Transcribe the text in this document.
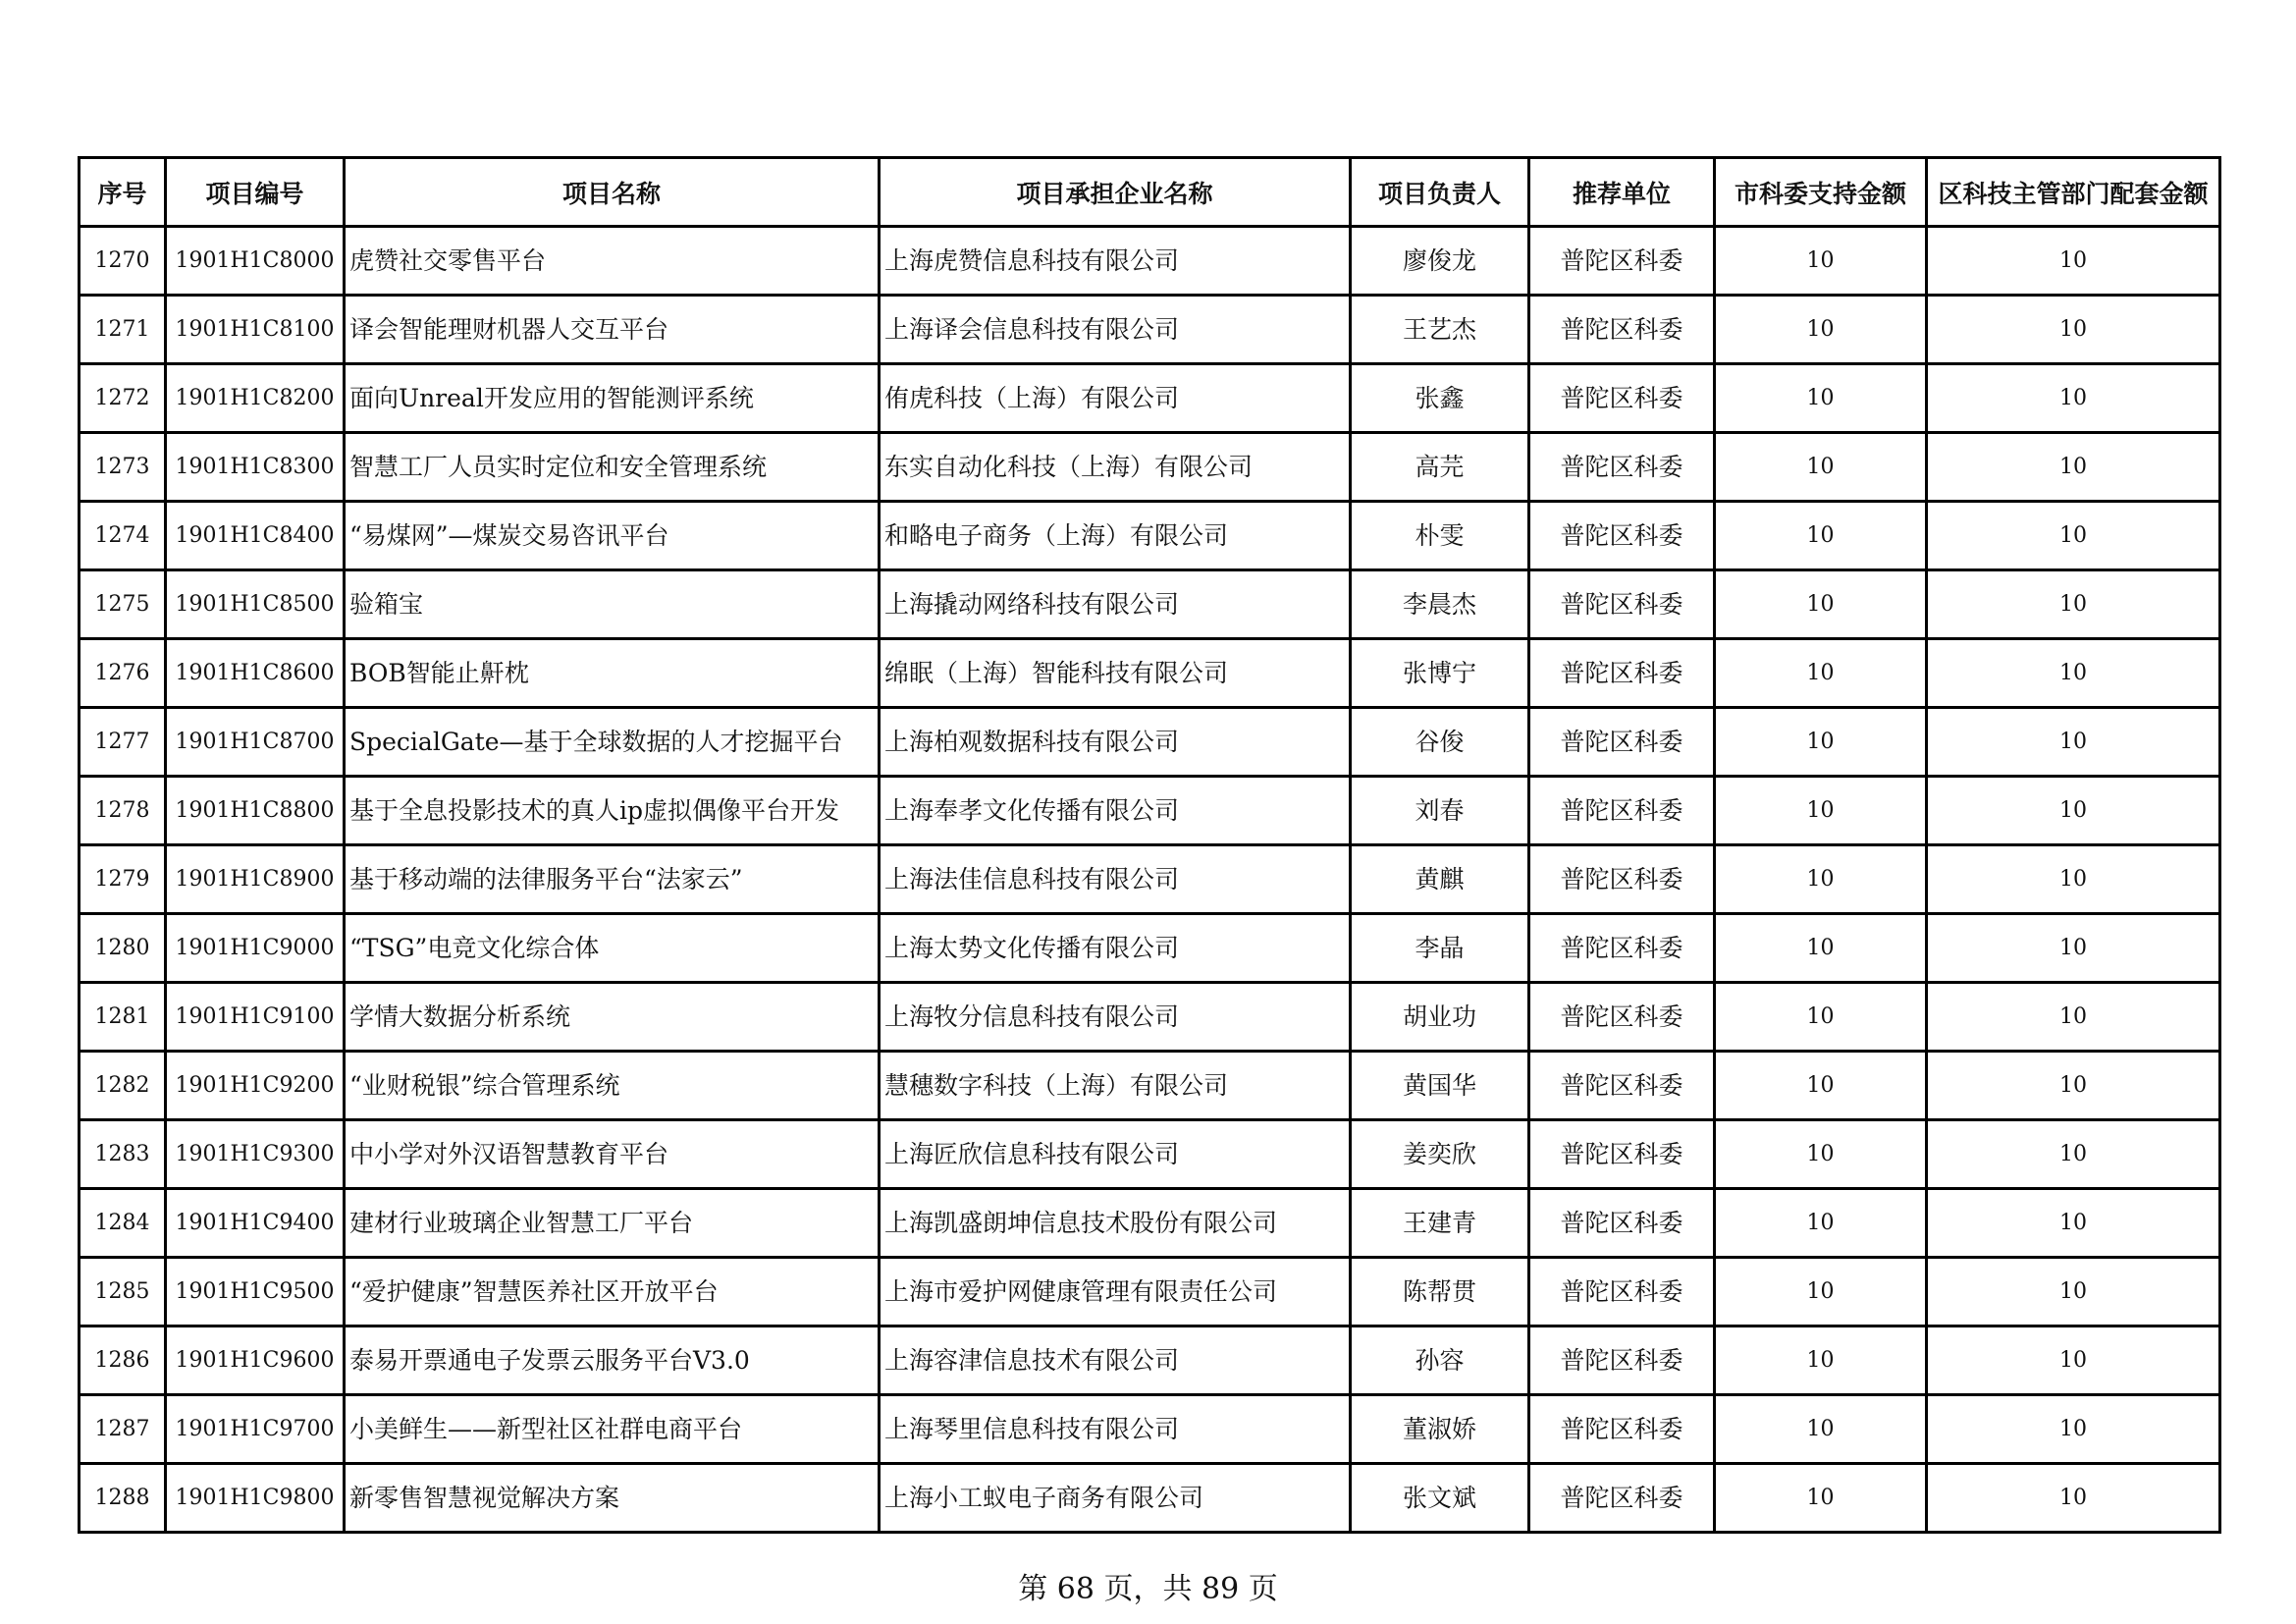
序号	项目编号	项目名称	项目承担企业名称	项目负责人	推荐单位	市科委支持金额	区科技主管部门配套金额
1270	1901H1C8000	虎赞社交零售平台	上海虎赞信息科技有限公司	廖俊龙	普陀区科委	10	10
1271	1901H1C8100	译会智能理财机器人交互平台	上海译会信息科技有限公司	王艺杰	普陀区科委	10	10
1272	1901H1C8200	面向Unreal开发应用的智能测评系统	侑虎科技（上海）有限公司	张鑫	普陀区科委	10	10
1273	1901H1C8300	智慧工厂人员实时定位和安全管理系统	东实自动化科技（上海）有限公司	高芫	普陀区科委	10	10
1274	1901H1C8400	“易煤网”—煤炭交易咨讯平台	和略电子商务（上海）有限公司	朴雯	普陀区科委	10	10
1275	1901H1C8500	验箱宝	上海撬动网络科技有限公司	李晨杰	普陀区科委	10	10
1276	1901H1C8600	BOB智能止鼾枕	绵眠（上海）智能科技有限公司	张博宁	普陀区科委	10	10
1277	1901H1C8700	SpecialGate—基于全球数据的人才挖掘平台	上海柏观数据科技有限公司	谷俊	普陀区科委	10	10
1278	1901H1C8800	基于全息投影技术的真人ip虚拟偶像平台开发	上海奉孝文化传播有限公司	刘春	普陀区科委	10	10
1279	1901H1C8900	基于移动端的法律服务平台“法家云”	上海法佳信息科技有限公司	黄麒	普陀区科委	10	10
1280	1901H1C9000	“TSG”电竞文化综合体	上海太势文化传播有限公司	李晶	普陀区科委	10	10
1281	1901H1C9100	学情大数据分析系统	上海牧分信息科技有限公司	胡业功	普陀区科委	10	10
1282	1901H1C9200	“业财税银”综合管理系统	慧穗数字科技（上海）有限公司	黄国华	普陀区科委	10	10
1283	1901H1C9300	中小学对外汉语智慧教育平台	上海匠欣信息科技有限公司	姜奕欣	普陀区科委	10	10
1284	1901H1C9400	建材行业玻璃企业智慧工厂平台	上海凯盛朗坤信息技术股份有限公司	王建青	普陀区科委	10	10
1285	1901H1C9500	“爱护健康”智慧医养社区开放平台	上海市爱护网健康管理有限责任公司	陈帮贯	普陀区科委	10	10
1286	1901H1C9600	泰易开票通电子发票云服务平台V3.0	上海容津信息技术有限公司	孙容	普陀区科委	10	10
1287	1901H1C9700	小美鲜生——新型社区社群电商平台	上海琴里信息科技有限公司	董淑娇	普陀区科委	10	10
1288	1901H1C9800	新零售智慧视觉解决方案	上海小工蚁电子商务有限公司	张文斌	普陀区科委	10	10
第 68 页，共 89 页
